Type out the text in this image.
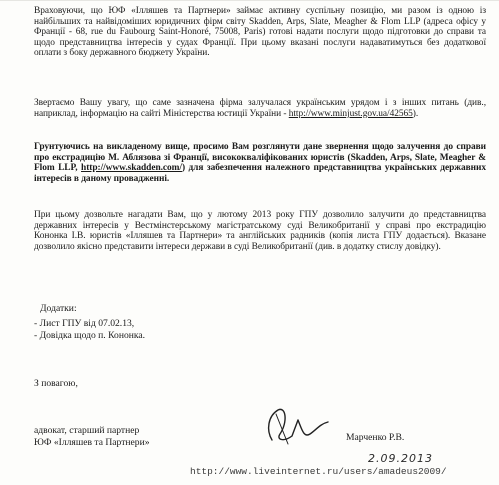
Враховуючи, що ЮФ «Ілляшев та Партнери» займає активну суспільну позицію, ми разом із одною із найбільших та найвідоміших юридичних фірм світу Skadden, Arps, Slate, Meagher & Flom LLP (адреса офісу у Франції - 68, rue du Faubourg Saint-Honoré, 75008, Paris) готові надати послуги щодо підготовки до справи та щодо представництва інтересів у судах Франції. При цьому вказані послуги надаватимуться без додаткової оплати з боку державного бюджету України.
Звертаємо Вашу увагу, що саме зазначена фірма залучалася українським урядом і з інших питань (див., наприклад, інформацію на сайті Міністерства юстиції України - http://www.minjust.gov.ua/42565).
Грунтуючись на викладеному вище, просимо Вам розглянути дане звернення щодо залучення до справи про екстрадицію М. Аблязова зі Франції, висококваліфікованих юристів (Skadden, Arps, Slate, Meagher & Flom LLP, http://www.skadden.com/) для забезпечення належного представництва українських державних інтересів в даному провадженні.
При цьому дозвольте нагадати Вам, що у лютому 2013 року ГПУ дозволило залучити до представництва державних інтересів у Вестмінстерському магістратському суді Великобританії у справі про екстрадицію Кононка І.В. юристів «Ілляшев та Партнери» та англійських радників (копія листа ГПУ додається). Вказане дозволило якісно представити інтереси держави в суді Великобританії (див. в додатку стислу довідку).
Додатки:
- Лист ГПУ від 07.02.13,
- Довідка щодо п. Кононка.
З повагою,
адвокат, старший партнер
ЮФ «Ілляшев та Партнери»	Марченко Р.В.
2.09.2013
http://www.liveinternet.ru/users/amadeus2009/
